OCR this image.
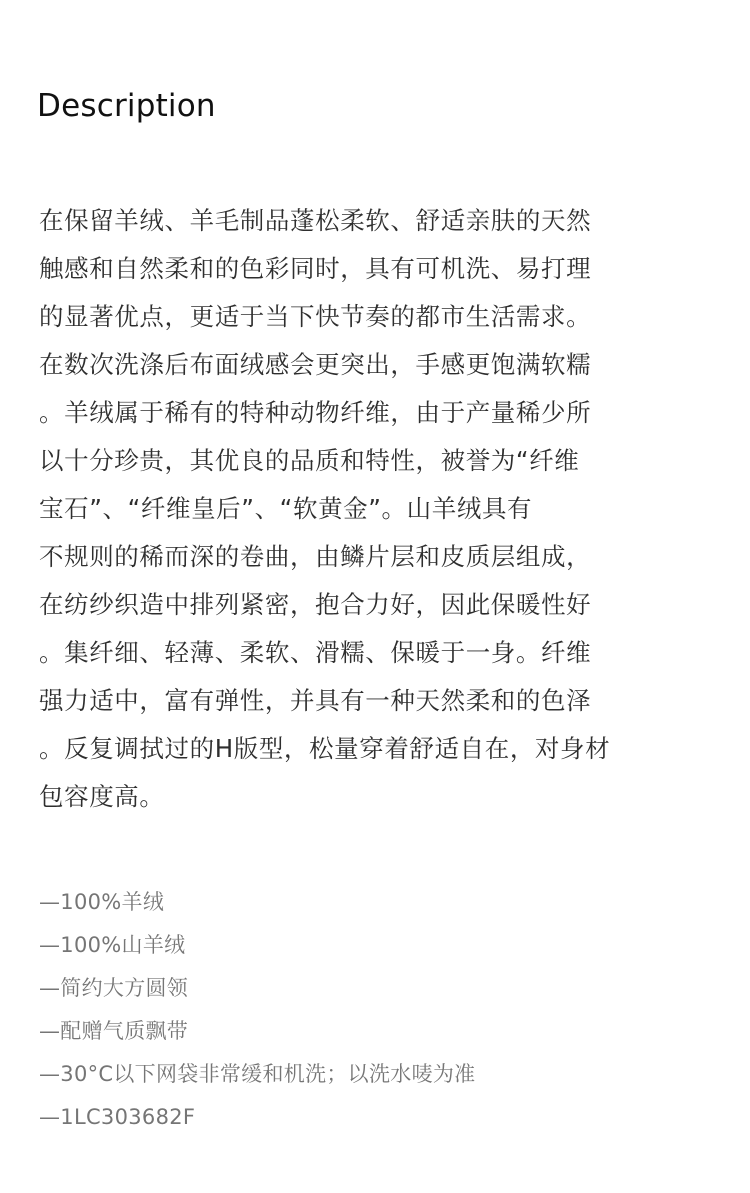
Description
在保留羊绒、羊毛制品蓬松柔软、舒适亲肤的天然
触感和自然柔和的色彩同时，具有可机洗、易打理
的显著优点，更适于当下快节奏的都市生活需求。
在数次洗涤后布面绒感会更突出，手感更饱满软糯
。羊绒属于稀有的特种动物纤维，由于产量稀少所
以十分珍贵，其优良的品质和特性，被誉为“纤维
宝石”、“纤维皇后”、“软黄金”。山羊绒具有
不规则的稀而深的卷曲，由鳞片层和皮质层组成，
在纺纱织造中排列紧密，抱合力好，因此保暖性好
。集纤细、轻薄、柔软、滑糯、保暖于一身。纤维
强力适中，富有弹性，并具有一种天然柔和的色泽
。反复调拭过的H版型，松量穿着舒适自在，对身材
包容度高。
—100%羊绒
—100%山羊绒
—简约大方圆领
—配赠气质飘带
—30°C以下网袋非常缓和机洗；以洗水唛为准
—1LC303682F
